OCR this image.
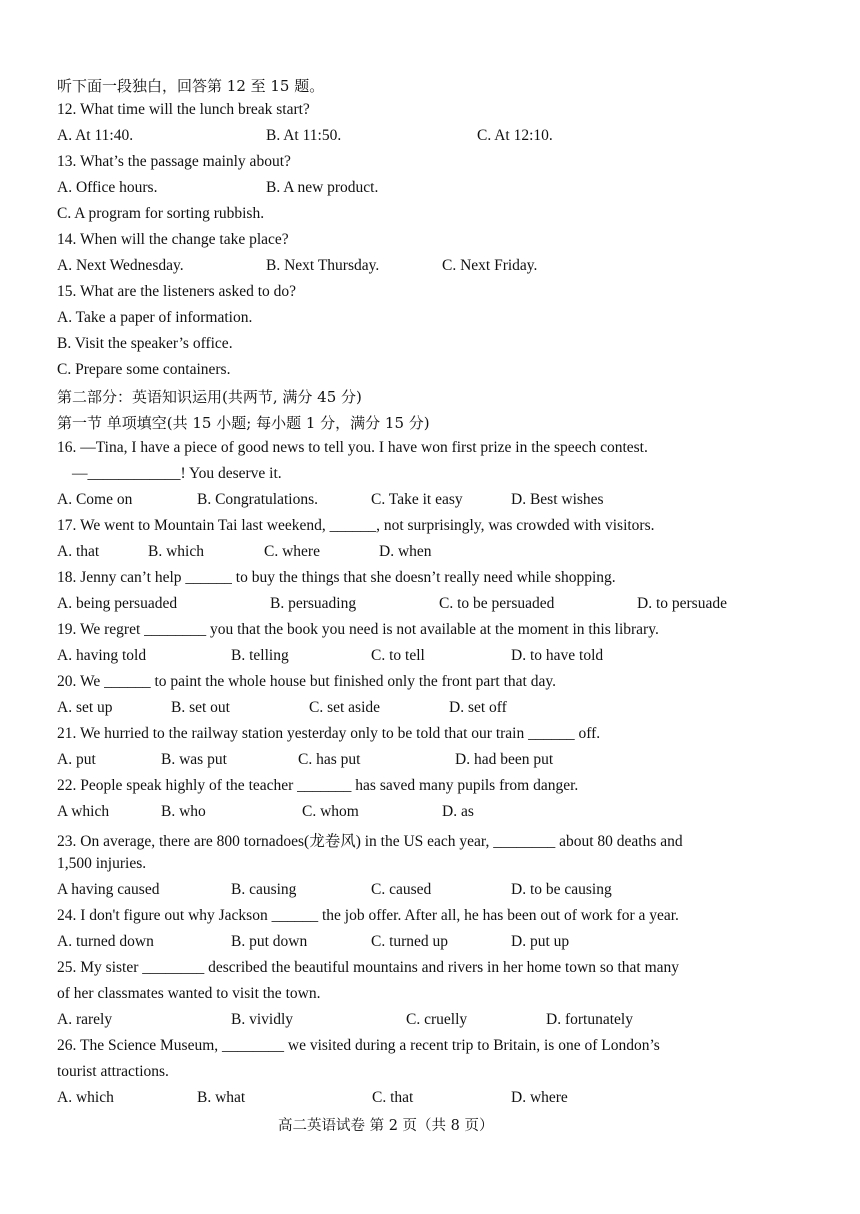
听下面一段独白，回答第 12 至 15 题。
12. What time will the lunch break start?
A. At 11:40.	B. At 11:50.	C. At 12:10.
13. What’s the passage mainly about?
A. Office hours.	B. A new product.
C. A program for sorting rubbish.
14. When will the change take place?
A. Next Wednesday.	B. Next Thursday.	C. Next Friday.
15. What are the listeners asked to do?
A. Take a paper of information.
B. Visit the speaker’s office.
C. Prepare some containers.
第二部分：英语知识运用(共两节, 满分 45 分)
第一节 单项填空(共 15 小题; 每小题 1 分，满分 15 分)
16. —Tina, I have a piece of good news to tell you. I have won first prize in the speech contest.
—____________! You deserve it.
A. Come on	B. Congratulations.	C. Take it easy	D. Best wishes
17. We went to Mountain Tai last weekend, ______, not surprisingly, was crowded with visitors.
A. that	B. which	C. where	D. when
18. Jenny can’t help ______ to buy the things that she doesn’t really need while shopping.
A. being persuaded	B. persuading	C. to be persuaded	D. to persuade
19. We regret ________ you that the book you need is not available at the moment in this library.
A. having told	B. telling	C. to tell	D. to have told
20. We ______ to paint the whole house but finished only the front part that day.
A. set up	B. set out	C. set aside	D. set off
21. We hurried to the railway station yesterday only to be told that our train ______ off.
A. put	B. was put	C. has put	D. had been put
22. People speak highly of the teacher _______ has saved many pupils from danger.
A which	B. who	C. whom	D. as
23. On average, there are 800 tornadoes(龙卷风) in the US each year, ________ about 80 deaths and
1,500 injuries.
A having caused	B. causing	C. caused	D. to be causing
24. I don't figure out why Jackson ______ the job offer. After all, he has been out of work for a year.
A. turned down	B. put down	C. turned up	D. put up
25. My sister ________ described the beautiful mountains and rivers in her home town so that many
of her classmates wanted to visit the town.
A. rarely	B. vividly	C. cruelly	D. fortunately
26. The Science Museum, ________ we visited during a recent trip to Britain, is one of London’s
tourist attractions.
A. which	B. what	C. that	D. where
高二英语试卷 第 2 页（共 8 页）
